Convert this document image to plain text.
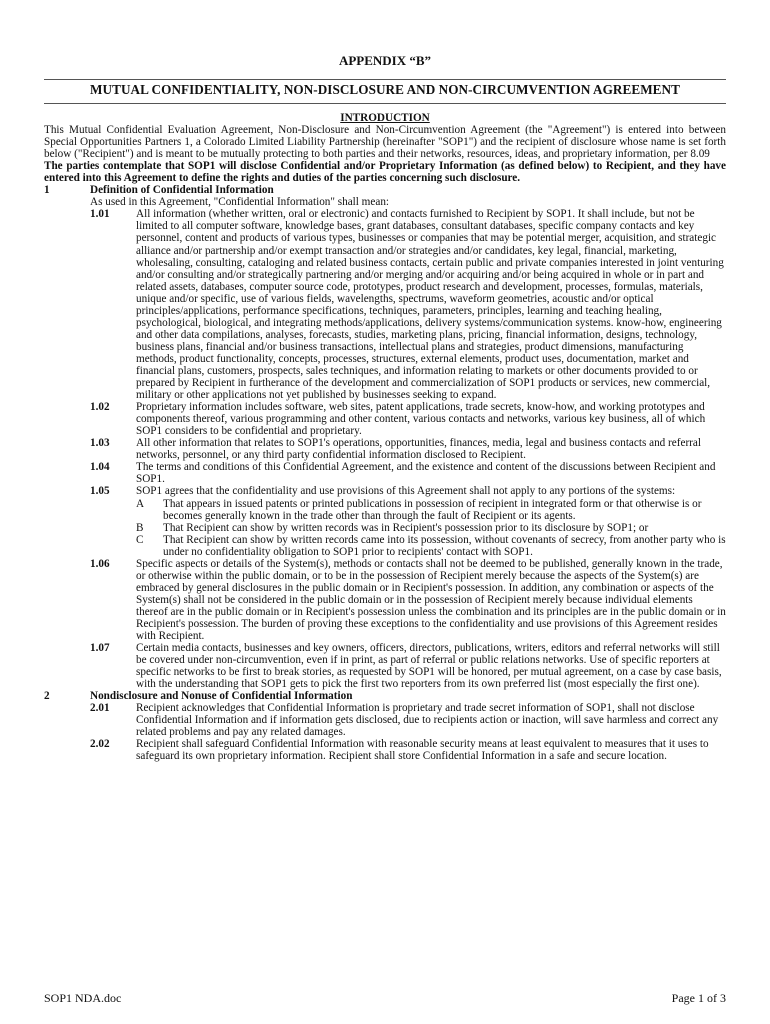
APPENDIX “B”
MUTUAL CONFIDENTIALITY, NON-DISCLOSURE AND NON-CIRCUMVENTION AGREEMENT
INTRODUCTION
This Mutual Confidential Evaluation Agreement, Non-Disclosure and Non-Circumvention Agreement (the "Agreement") is entered into between Special Opportunities Partners 1, a Colorado Limited Liability Partnership (hereinafter "SOP1") and the recipient of disclosure whose name is set forth below ("Recipient") and is meant to be mutually protecting to both parties and their networks, resources, ideas, and proprietary information, per 8.09
The parties contemplate that SOP1 will disclose Confidential and/or Proprietary Information (as defined below) to Recipient, and they have entered into this Agreement to define the rights and duties of the parties concerning such disclosure.
1	Definition of Confidential Information
As used in this Agreement, "Confidential Information" shall mean:
1.01	All information (whether written, oral or electronic) and contacts furnished to Recipient by SOP1. It shall include, but not be limited to all computer software, knowledge bases, grant databases, consultant databases, specific company contacts and key personnel, content and products of various types, businesses or companies that may be potential merger, acquisition, and strategic alliance and/or partnership and/or exempt transaction and/or strategies and/or candidates, key legal, financial, marketing, wholesaling, consulting, cataloging and related business contacts, certain public and private companies interested in joint venturing and/or consulting and/or strategically partnering and/or merging and/or acquiring and/or being acquired in whole or in part and related assets, databases, computer source code, prototypes, product research and development, processes, formulas, materials, unique and/or specific, use of various fields, wavelengths, spectrums, waveform geometries, acoustic and/or optical principles/applications, performance specifications, techniques, parameters, principles, learning and teaching healing, psychological, biological, and integrating methods/applications, delivery systems/communication systems. know-how, engineering and other data compilations, analyses, forecasts, studies, marketing plans, pricing, financial information, designs, technology, business plans, financial and/or business transactions, intellectual plans and strategies, product dimensions, manufacturing methods, product functionality, concepts, processes, structures, external elements, product uses, documentation, market and financial plans, customers, prospects, sales techniques, and information relating to markets or other documents provided to or prepared by Recipient in furtherance of the development and commercialization of SOP1 products or services, new commercial, military or other applications not yet published by businesses seeking to expand.
1.02	Proprietary information includes software, web sites, patent applications, trade secrets, know-how, and working prototypes and components thereof, various programming and other content, various contacts and networks, various key business, all of which SOP1 considers to be confidential and proprietary.
1.03	All other information that relates to SOP1's operations, opportunities, finances, media, legal and business contacts and referral networks, personnel, or any third party confidential information disclosed to Recipient.
1.04	The terms and conditions of this Confidential Agreement, and the existence and content of the discussions between Recipient and SOP1.
1.05	SOP1 agrees that the confidentiality and use provisions of this Agreement shall not apply to any portions of the systems:
A	That appears in issued patents or printed publications in possession of recipient in integrated form or that otherwise is or becomes generally known in the trade other than through the fault of Recipient or its agents.
B	That Recipient can show by written records was in Recipient's possession prior to its disclosure by SOP1; or
C	That Recipient can show by written records came into its possession, without covenants of secrecy, from another party who is under no confidentiality obligation to SOP1 prior to recipients' contact with SOP1.
1.06	Specific aspects or details of the System(s), methods or contacts shall not be deemed to be published, generally known in the trade, or otherwise within the public domain, or to be in the possession of Recipient merely because the aspects of the System(s) are embraced by general disclosures in the public domain or in Recipient's possession. In addition, any combination or aspects of the System(s) shall not be considered in the public domain or in the possession of Recipient merely because individual elements thereof are in the public domain or in Recipient's possession unless the combination and its principles are in the public domain or in Recipient's possession. The burden of proving these exceptions to the confidentiality and use provisions of this Agreement resides with Recipient.
1.07	Certain media contacts, businesses and key owners, officers, directors, publications, writers, editors and referral networks will still be covered under non-circumvention, even if in print, as part of referral or public relations networks. Use of specific reporters at specific networks to be first to break stories, as requested by SOP1 will be honored, per mutual agreement, on a case by case basis, with the understanding that SOP1 gets to pick the first two reporters from its own preferred list (most especially the first one).
2	Nondisclosure and Nonuse of Confidential Information
2.01	Recipient acknowledges that Confidential Information is proprietary and trade secret information of SOP1, shall not disclose Confidential Information and if information gets disclosed, due to recipients action or inaction, will save harmless and correct any related problems and pay any related damages.
2.02	Recipient shall safeguard Confidential Information with reasonable security means at least equivalent to measures that it uses to safeguard its own proprietary information. Recipient shall store Confidential Information in a safe and secure location.
SOP1 NDA.doc	Page 1 of 3
